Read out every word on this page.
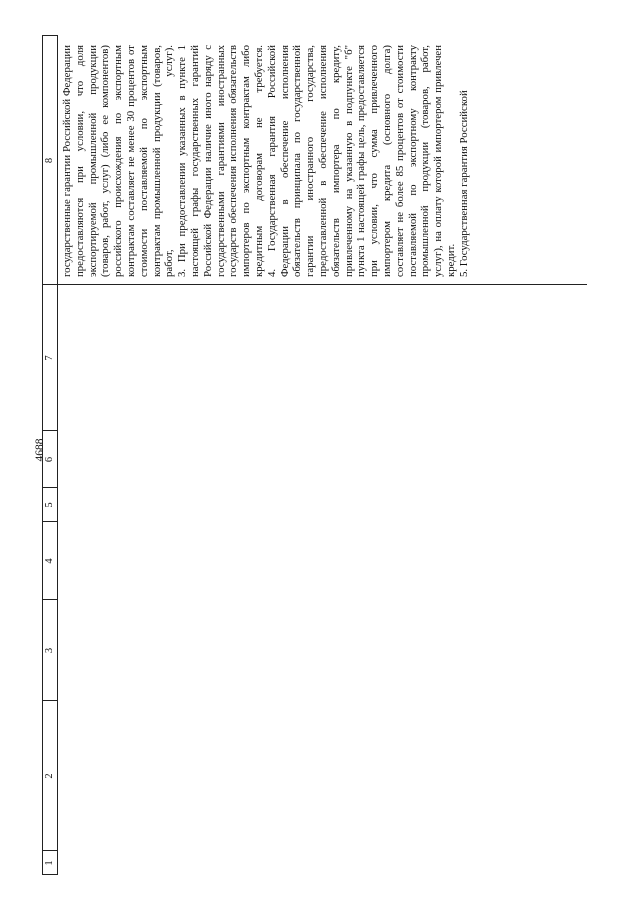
4688
1
2
3
4
5
6
7
8 государственные гарантии Российской Федерации предоставляются при условии, что доля экспортируемой промышленной продукции (товаров, работ, услуг) (либо ее компонентов) российского происхождения по экспортным контрактам составляет не менее 30 процентов от стоимости поставляемой по экспортным контрактам промышленной продукции (товаров, работ, услуг). 3. При предоставлении указанных в пункте 1 настоящей графы государственных гарантий Российской Федерации наличие иного наряду с государственными гарантиями иностранных государств обеспечения исполнения обязательств импортеров по экспортным контрактам либо кредитным договорам не требуется. 4. Государственная гарантия Российской Федерации в обеспечение исполнения обязательств принципала по государственной гарантии иностранного государства, предоставленной в обеспечение исполнения обязательств импортера по кредиту, привлеченному на указанную в подпункте "б" пункта 1 настоящей графы цель, предоставляется при условии, что сумма привлеченного импортером кредита (основного долга) составляет не более 85 процентов от стоимости поставляемой по экспортному контракту промышленной продукции (товаров, работ, услуг), на оплату которой импортером привлечен кредит. 5. Государственная гарантия Российской
